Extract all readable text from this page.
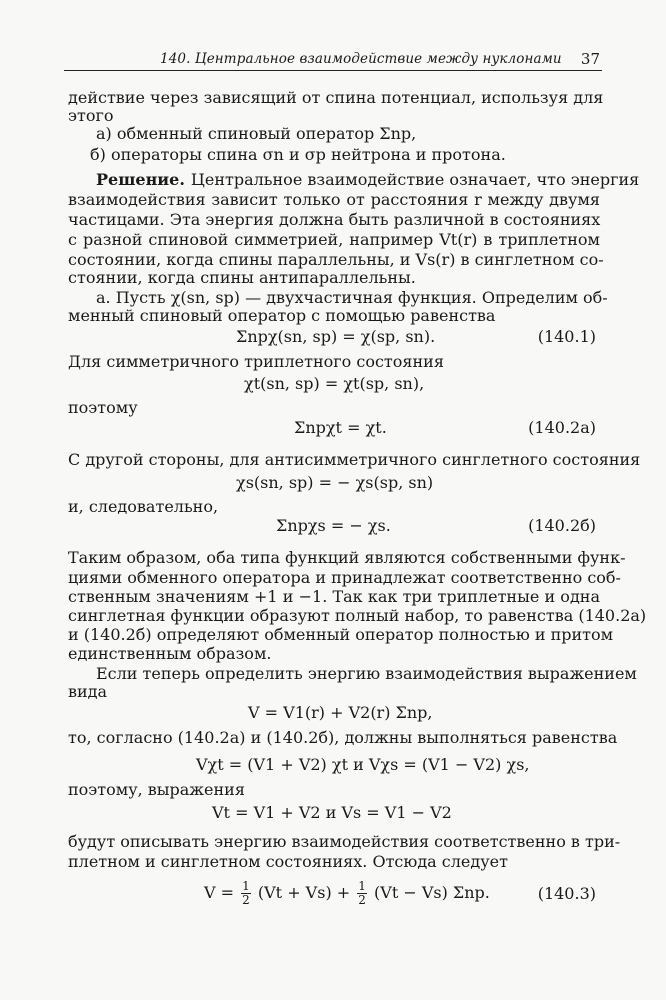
140. Центральное взаимодействие между нуклонами 37
действие через зависящий от спина потенциал, используя для
этого
а) обменный спиновый оператор Σnp,
б) операторы спина σn и σp нейтрона и протона.
Решение. Центральное взаимодействие означает, что энергия
взаимодействия зависит только от расстояния r между двумя
частицами. Эта энергия должна быть различной в состояниях
с разной спиновой симметрией, например Vt(r) в триплетном
состоянии, когда спины параллельны, и Vs(r) в синглетном со-
стоянии, когда спины антипараллельны.
а. Пусть χ(sn, sp) — двухчастичная функция. Определим об-
менный спиновый оператор с помощью равенства
Σnpχ(sn, sp) = χ(sp, sn).	(140.1)
Для симметричного триплетного состояния
χt(sn, sp) = χt(sp, sn),
поэтому
Σnpχt = χt.	(140.2а)
С другой стороны, для антисимметричного синглетного состояния
χs(sn, sp) = − χs(sp, sn)
и, следовательно,
Σnpχs = − χs.	(140.2б)
Таким образом, оба типа функций являются собственными функ-
циями обменного оператора и принадлежат соответственно соб-
ственным значениям +1 и −1. Так как три триплетные и одна
синглетная функции образуют полный набор, то равенства (140.2а)
и (140.2б) определяют обменный оператор полностью и притом
единственным образом.
Если теперь определить энергию взаимодействия выражением
вида
V = V1(r) + V2(r) Σnp,
то, согласно (140.2а) и (140.2б), должны выполняться равенства
Vχt = (V1 + V2) χt и Vχs = (V1 − V2) χs,
поэтому, выражения
Vt = V1 + V2 и Vs = V1 − V2
будут описывать энергию взаимодействия соответственно в три-
плетном и синглетном состояниях. Отсюда следует
$V = \frac{1}{2} (Vt + Vs) + \frac{1}{2} (Vt - Vs)$ Σnp.	(140.3)
